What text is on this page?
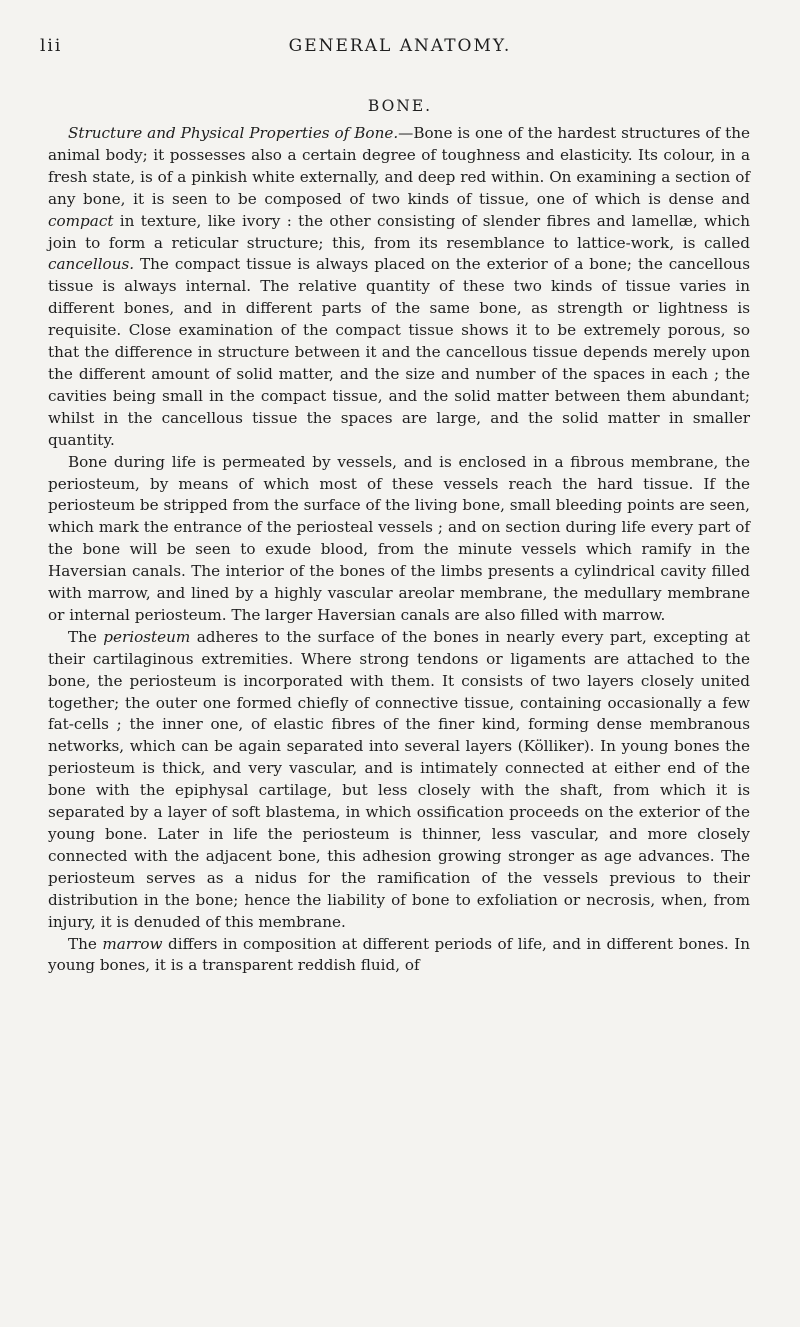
lii	GENERAL ANATOMY.
BONE.

Structure and Physical Properties of Bone.—Bone is one of the hardest structures of the animal body; it possesses also a certain degree of toughness and elasticity. Its colour, in a fresh state, is of a pinkish white externally, and deep red within. On examining a section of any bone, it is seen to be composed of two kinds of tissue, one of which is dense and compact in texture, like ivory : the other consisting of slender fibres and lamellæ, which join to form a reticular structure; this, from its resemblance to lattice-work, is called cancellous. The compact tissue is always placed on the exterior of a bone; the cancellous tissue is always internal. The relative quantity of these two kinds of tissue varies in different bones, and in different parts of the same bone, as strength or lightness is requisite. Close examination of the compact tissue shows it to be extremely porous, so that the difference in structure between it and the cancellous tissue depends merely upon the different amount of solid matter, and the size and number of the spaces in each ; the cavities being small in the compact tissue, and the solid matter between them abundant; whilst in the cancellous tissue the spaces are large, and the solid matter in smaller quantity.

Bone during life is permeated by vessels, and is enclosed in a fibrous membrane, the periosteum, by means of which most of these vessels reach the hard tissue. If the periosteum be stripped from the surface of the living bone, small bleeding points are seen, which mark the entrance of the periosteal vessels ; and on section during life every part of the bone will be seen to exude blood, from the minute vessels which ramify in the Haversian canals. The interior of the bones of the limbs presents a cylindrical cavity filled with marrow, and lined by a highly vascular areolar membrane, the medullary membrane or internal periosteum. The larger Haversian canals are also filled with marrow.

The periosteum adheres to the surface of the bones in nearly every part, excepting at their cartilaginous extremities. Where strong tendons or ligaments are attached to the bone, the periosteum is incorporated with them. It consists of two layers closely united together; the outer one formed chiefly of connective tissue, containing occasionally a few fat-cells ; the inner one, of elastic fibres of the finer kind, forming dense membranous networks, which can be again separated into several layers (Kölliker). In young bones the periosteum is thick, and very vascular, and is intimately connected at either end of the bone with the epiphysal cartilage, but less closely with the shaft, from which it is separated by a layer of soft blastema, in which ossification proceeds on the exterior of the young bone. Later in life the periosteum is thinner, less vascular, and more closely connected with the adjacent bone, this adhesion growing stronger as age advances. The periosteum serves as a nidus for the ramification of the vessels previous to their distribution in the bone; hence the liability of bone to exfoliation or necrosis, when, from injury, it is denuded of this membrane.

The marrow differs in composition at different periods of life, and in different bones. In young bones, it is a transparent reddish fluid, of
